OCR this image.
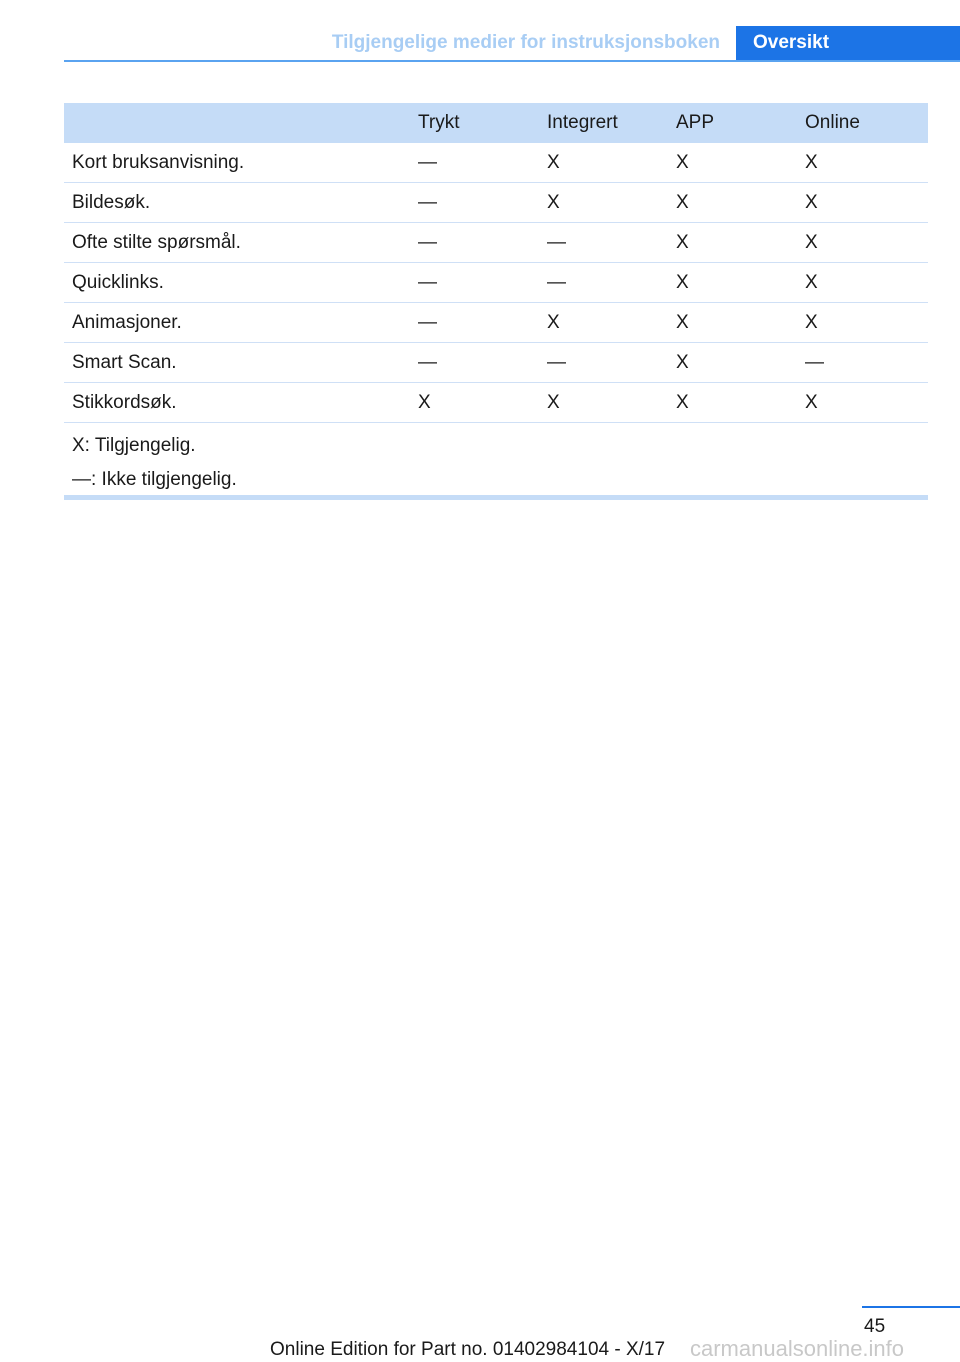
Tilgjengelige medier for instruksjonsboken	Oversikt
	Trykt	Integrert	APP	Online
Kort bruksanvisning.	—	X	X	X
Bildesøk.	—	X	X	X
Ofte stilte spørsmål.	—	—	X	X
Quicklinks.	—	—	X	X
Animasjoner.	—	X	X	X
Smart Scan.	—	—	X	—
Stikkordsøk.	X	X	X	X

X: Tilgjengelig.
—: Ikke tilgjengelig.				
45
Online Edition for Part no. 01402984104 - X/17 carmanualsonline.info
